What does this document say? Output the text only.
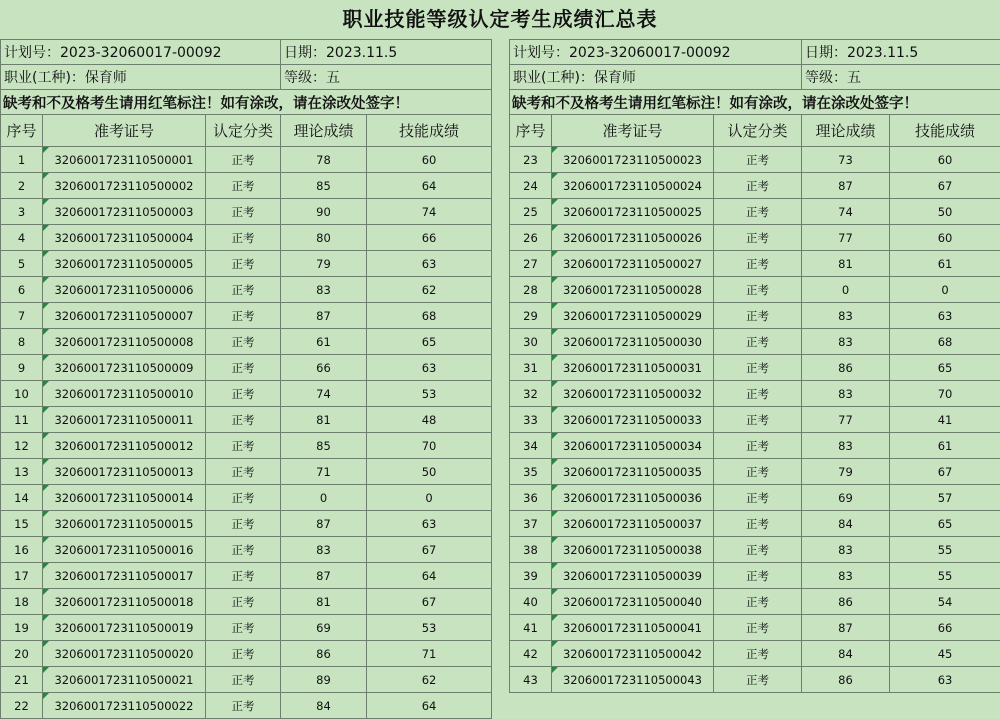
职业技能等级认定考生成绩汇总表
计划号：2023-32060017-00092			日期：2023.11.5	
职业(工种)：保育师			等级：五	
缺考和不及格考生请用红笔标注！如有涂改，请在涂改处签字！				
序号	准考证号	认定分类	理论成绩	技能成绩
1	3206001723110500001	正考	78	60
2	3206001723110500002	正考	85	64
3	3206001723110500003	正考	90	74
4	3206001723110500004	正考	80	66
5	3206001723110500005	正考	79	63
6	3206001723110500006	正考	83	62
7	3206001723110500007	正考	87	68
8	3206001723110500008	正考	61	65
9	3206001723110500009	正考	66	63
10	3206001723110500010	正考	74	53
11	3206001723110500011	正考	81	48
12	3206001723110500012	正考	85	70
13	3206001723110500013	正考	71	50
14	3206001723110500014	正考	0	0
15	3206001723110500015	正考	87	63
16	3206001723110500016	正考	83	67
17	3206001723110500017	正考	87	64
18	3206001723110500018	正考	81	67
19	3206001723110500019	正考	69	53
20	3206001723110500020	正考	86	71
21	3206001723110500021	正考	89	62
22	3206001723110500022	正考	84	64
计划号：2023-32060017-00092			日期：2023.11.5	
职业(工种)：保育师			等级：五	
缺考和不及格考生请用红笔标注！如有涂改，请在涂改处签字！				
序号	准考证号	认定分类	理论成绩	技能成绩
23	3206001723110500023	正考	73	60
24	3206001723110500024	正考	87	67
25	3206001723110500025	正考	74	50
26	3206001723110500026	正考	77	60
27	3206001723110500027	正考	81	61
28	3206001723110500028	正考	0	0
29	3206001723110500029	正考	83	63
30	3206001723110500030	正考	83	68
31	3206001723110500031	正考	86	65
32	3206001723110500032	正考	83	70
33	3206001723110500033	正考	77	41
34	3206001723110500034	正考	83	61
35	3206001723110500035	正考	79	67
36	3206001723110500036	正考	69	57
37	3206001723110500037	正考	84	65
38	3206001723110500038	正考	83	55
39	3206001723110500039	正考	83	55
40	3206001723110500040	正考	86	54
41	3206001723110500041	正考	87	66
42	3206001723110500042	正考	84	45
43	3206001723110500043	正考	86	63
